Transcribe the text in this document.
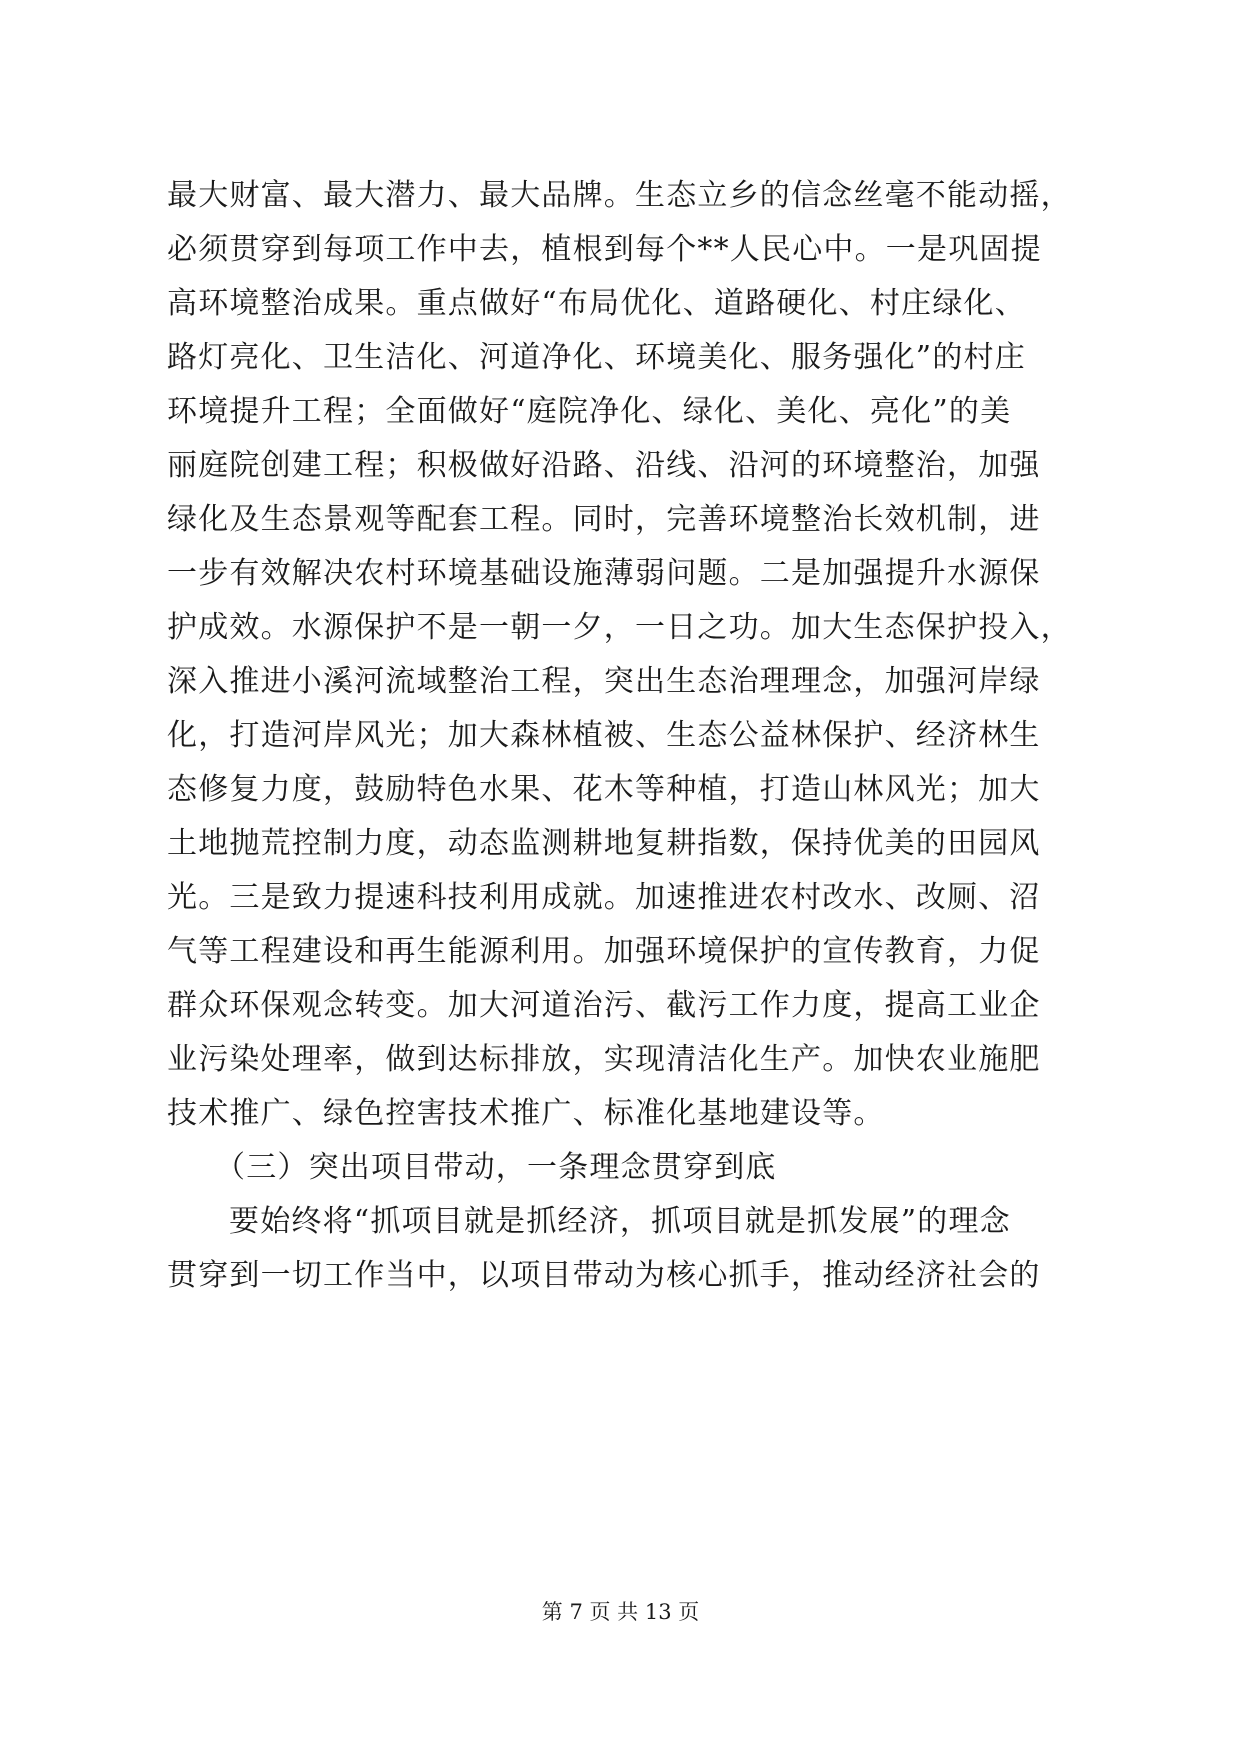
最大财富、最大潜力、最大品牌。生态立乡的信念丝毫不能动摇，
必须贯穿到每项工作中去，植根到每个**人民心中。一是巩固提
高环境整治成果。重点做好“布局优化、道路硬化、村庄绿化、
路灯亮化、卫生洁化、河道净化、环境美化、服务强化”的村庄
环境提升工程；全面做好“庭院净化、绿化、美化、亮化”的美
丽庭院创建工程；积极做好沿路、沿线、沿河的环境整治，加强
绿化及生态景观等配套工程。同时，完善环境整治长效机制，进
一步有效解决农村环境基础设施薄弱问题。二是加强提升水源保
护成效。水源保护不是一朝一夕，一日之功。加大生态保护投入，
深入推进小溪河流域整治工程，突出生态治理理念，加强河岸绿
化，打造河岸风光；加大森林植被、生态公益林保护、经济林生
态修复力度，鼓励特色水果、花木等种植，打造山林风光；加大
土地抛荒控制力度，动态监测耕地复耕指数，保持优美的田园风
光。三是致力提速科技利用成就。加速推进农村改水、改厕、沼
气等工程建设和再生能源利用。加强环境保护的宣传教育，力促
群众环保观念转变。加大河道治污、截污工作力度，提高工业企
业污染处理率，做到达标排放，实现清洁化生产。加快农业施肥
技术推广、绿色控害技术推广、标准化基地建设等。
（三）突出项目带动，一条理念贯穿到底
要始终将“抓项目就是抓经济，抓项目就是抓发展”的理念
贯穿到一切工作当中，以项目带动为核心抓手，推动经济社会的
第 7 页 共 13 页
